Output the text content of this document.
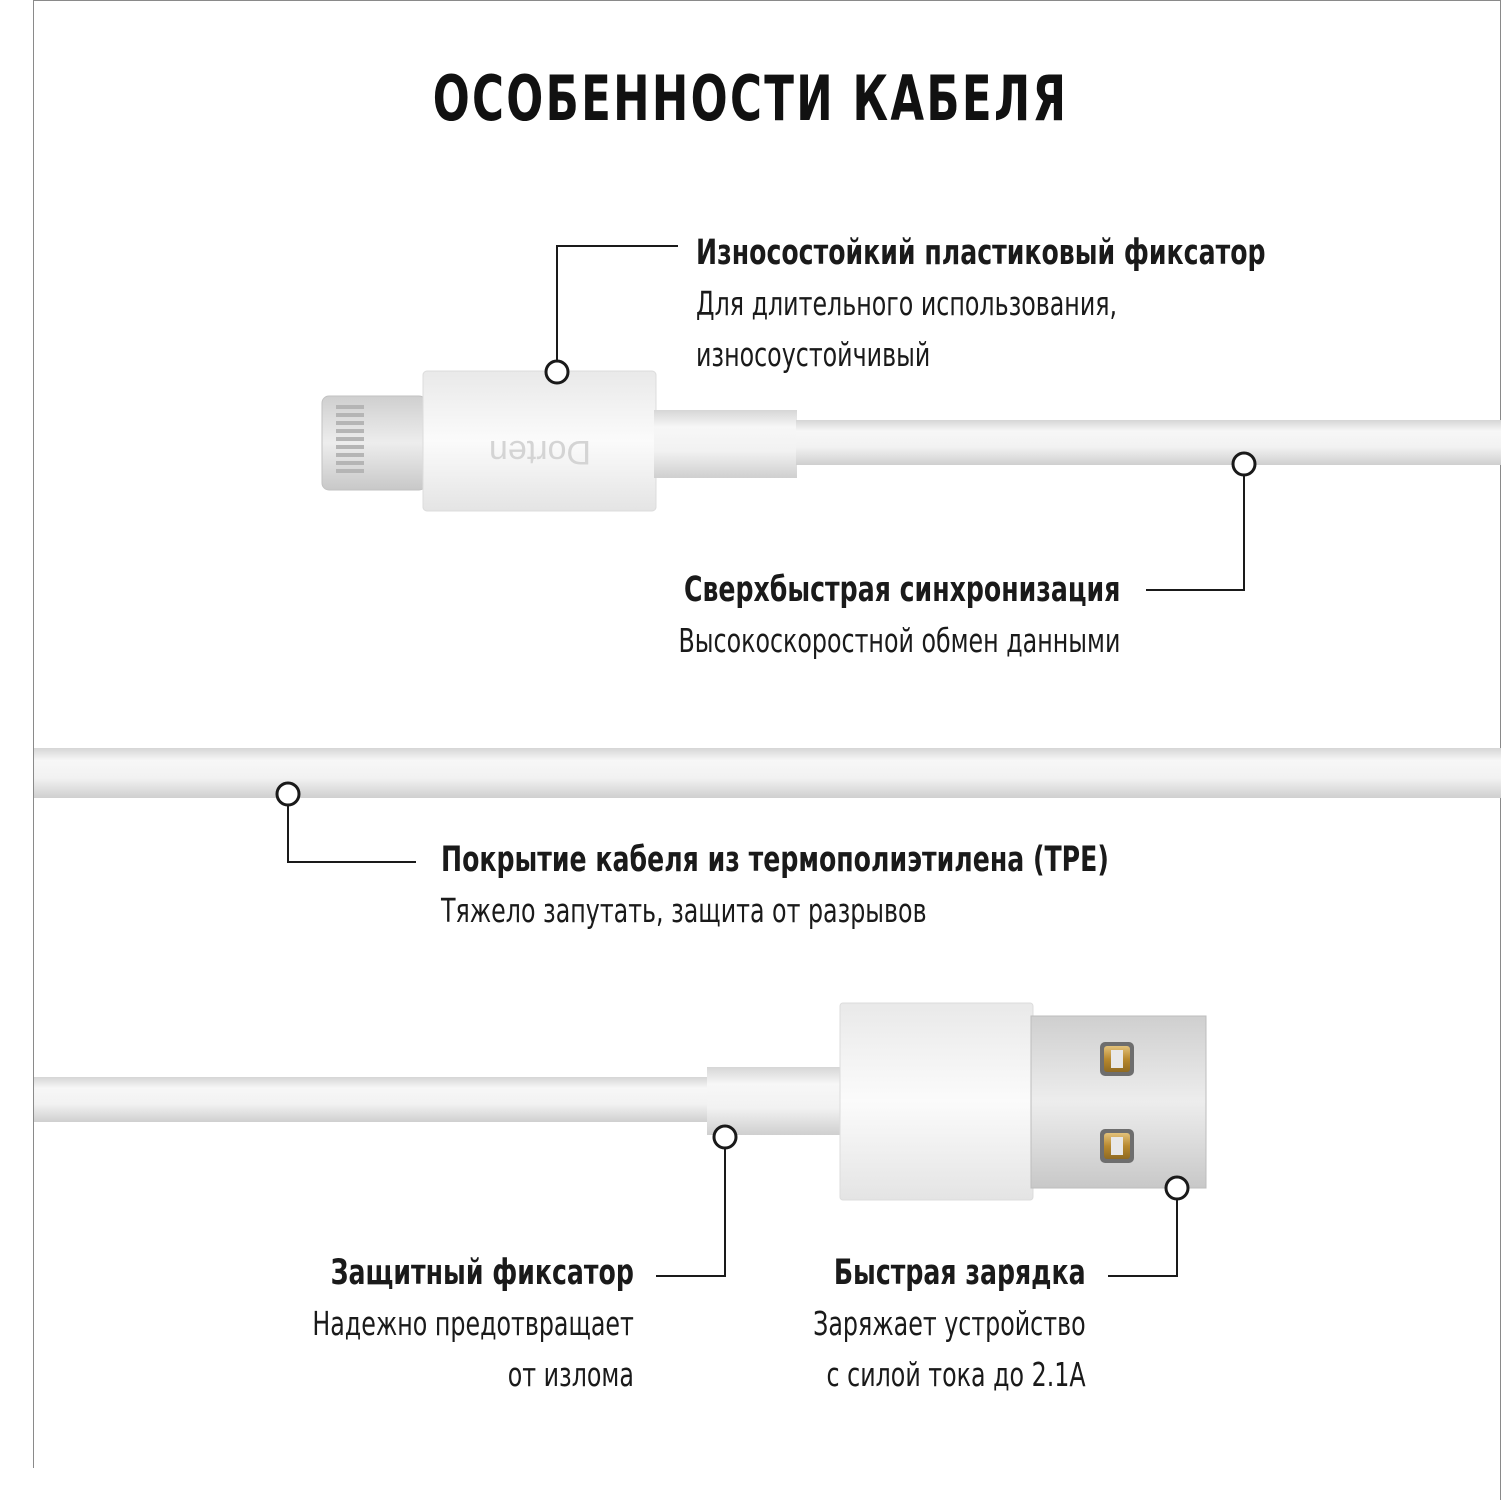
ОСОБЕННОСТИ КАБЕЛЯ
Dorten
Износостойкий пластиковый фиксатор
Для длительного использования,
износоустойчивый
Сверхбыстрая синхронизация
Высокоскоростной обмен данными
Покрытие кабеля из термополиэтилена (TPE)
Тяжело запутать, защита от разрывов
Защитный фиксатор
Надежно предотвращает
от излома
Быстрая зарядка
Заряжает устройство
с силой тока до 2.1А
